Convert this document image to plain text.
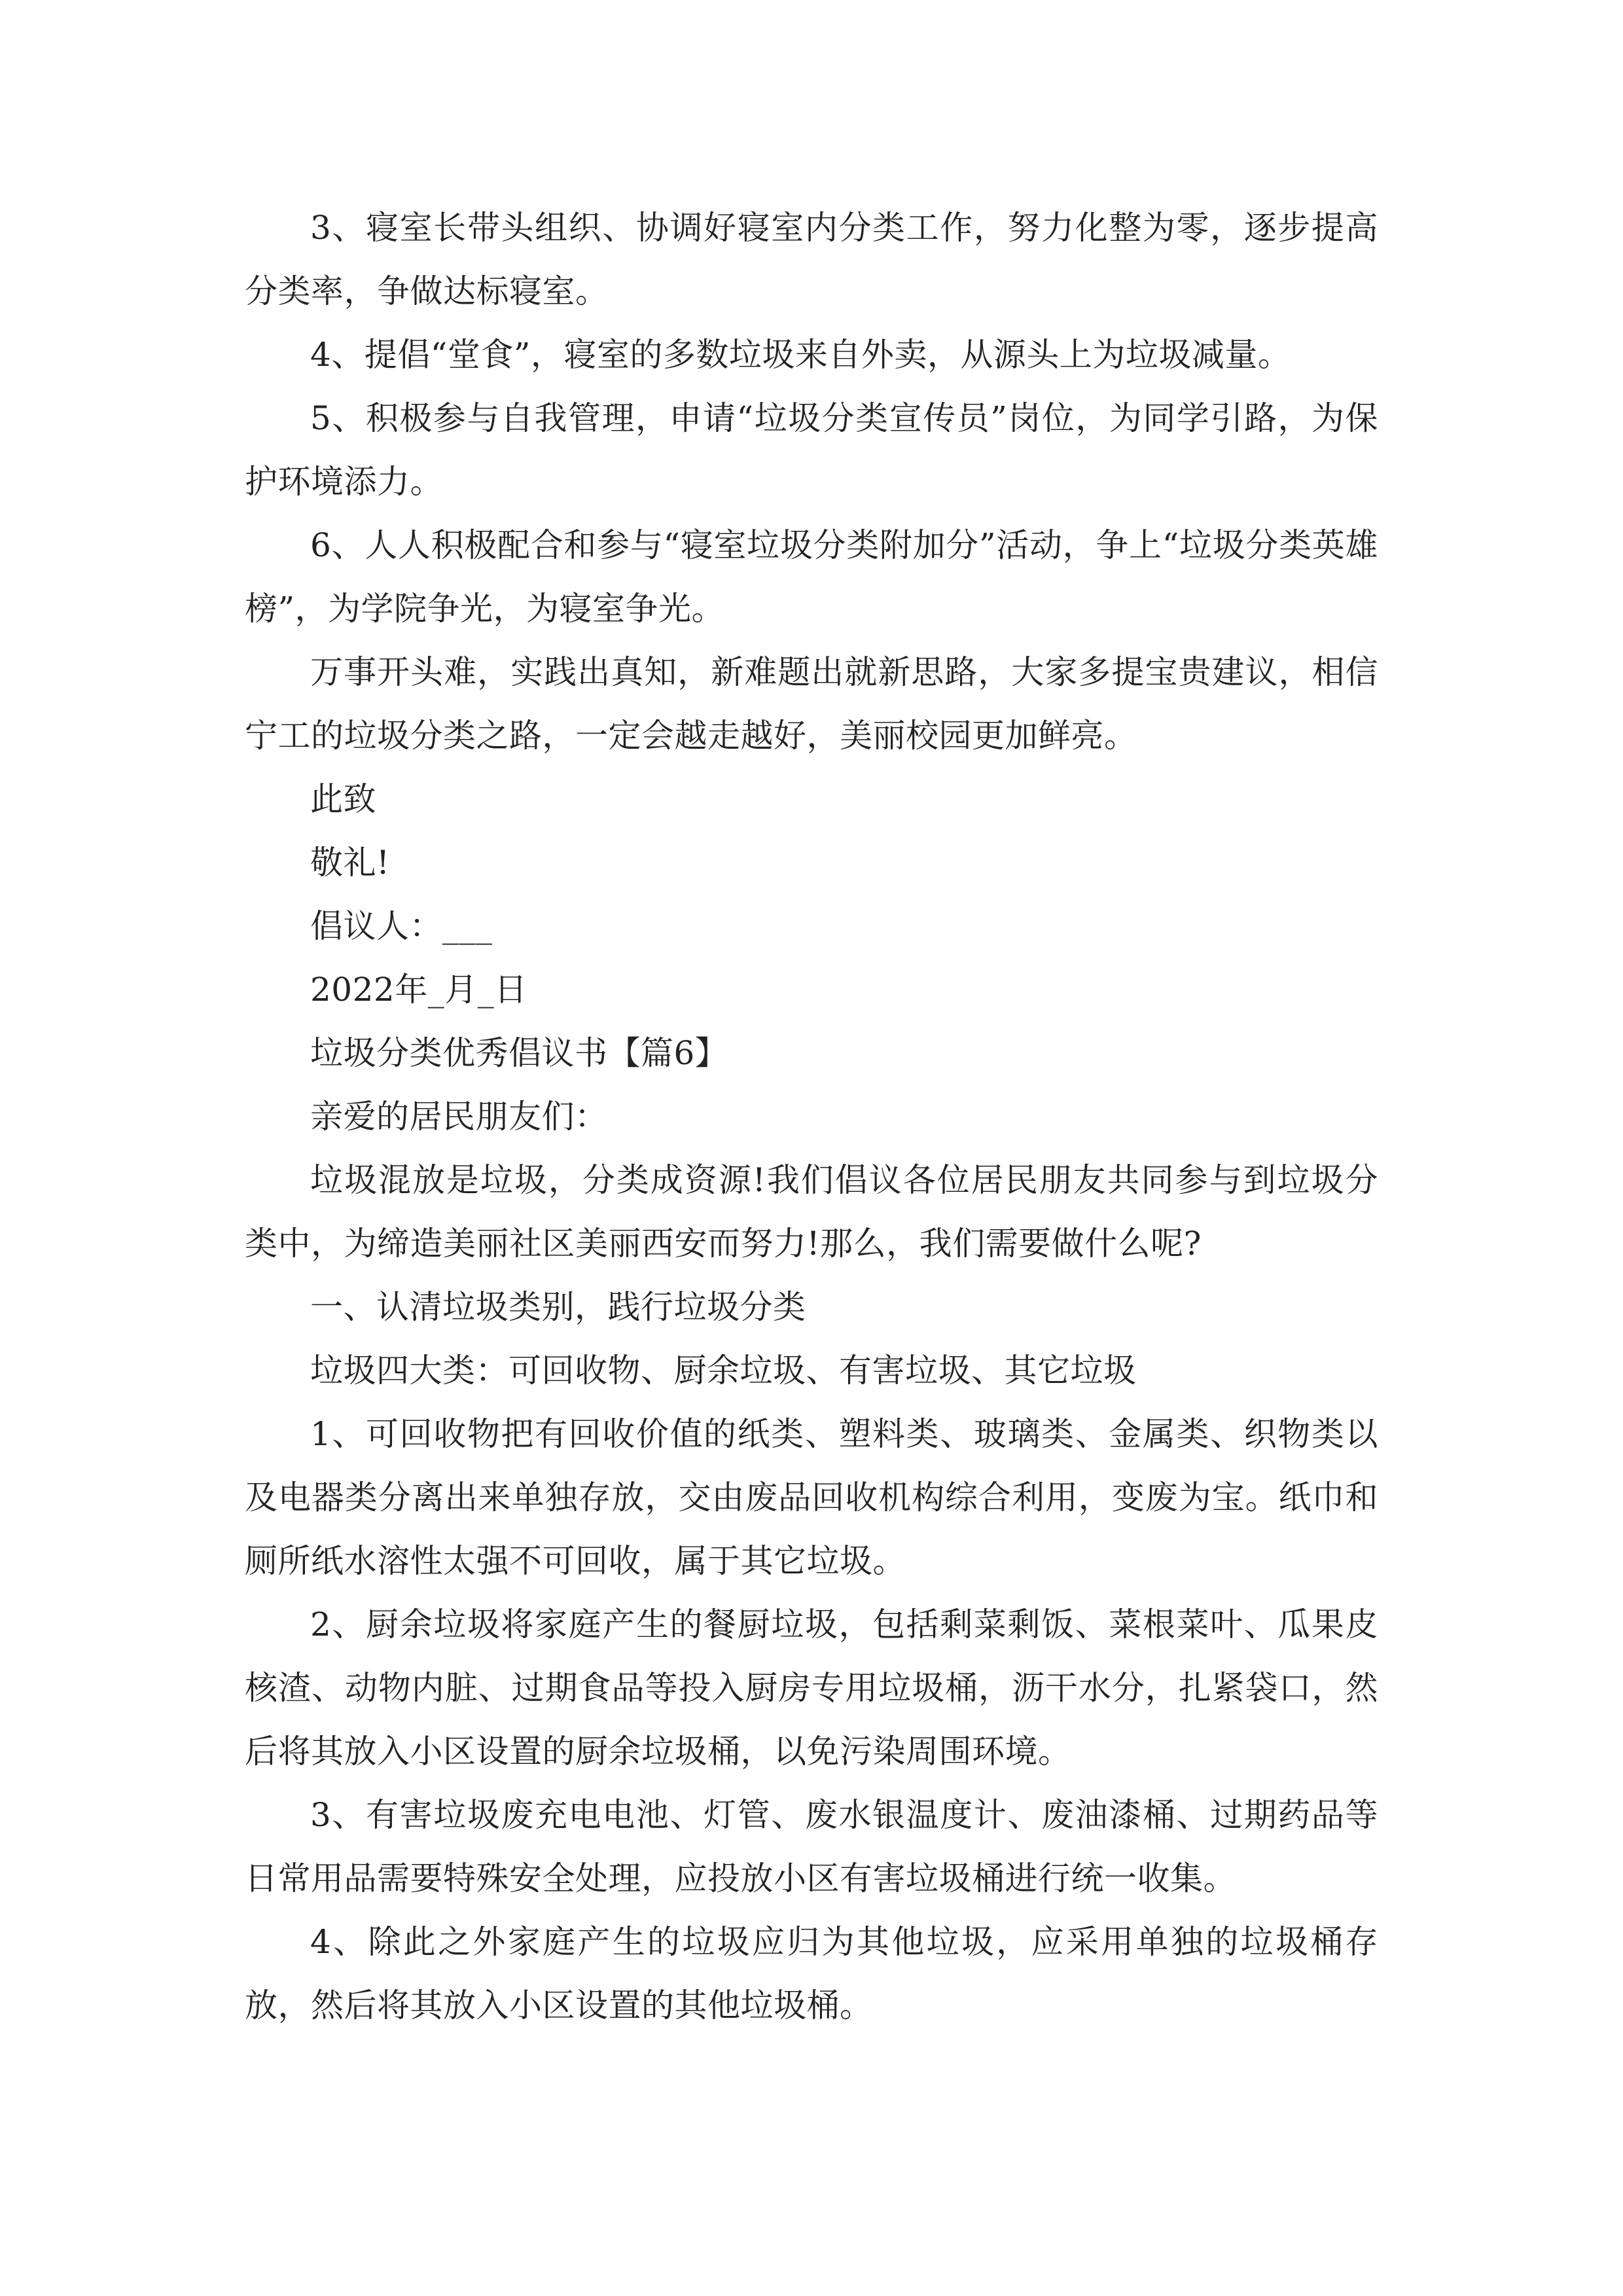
3、寝室长带头组织、协调好寝室内分类工作，努力化整为零，逐步提高分类率，争做达标寝室。

4、提倡“堂食”，寝室的多数垃圾来自外卖，从源头上为垃圾减量。

5、积极参与自我管理，申请“垃圾分类宣传员”岗位，为同学引路，为保护环境添力。

6、人人积极配合和参与“寝室垃圾分类附加分”活动，争上“垃圾分类英雄榜”，为学院争光，为寝室争光。

万事开头难，实践出真知，新难题出就新思路，大家多提宝贵建议，相信宁工的垃圾分类之路，一定会越走越好，美丽校园更加鲜亮。

此致

敬礼!

倡议人：___

2022年_月_日

垃圾分类优秀倡议书【篇6】

亲爱的居民朋友们：

垃圾混放是垃圾，分类成资源!我们倡议各位居民朋友共同参与到垃圾分类中，为缔造美丽社区美丽西安而努力!那么，我们需要做什么呢?

一、认清垃圾类别，践行垃圾分类

垃圾四大类：可回收物、厨余垃圾、有害垃圾、其它垃圾

1、可回收物把有回收价值的纸类、塑料类、玻璃类、金属类、织物类以及电器类分离出来单独存放，交由废品回收机构综合利用，变废为宝。纸巾和厕所纸水溶性太强不可回收，属于其它垃圾。

2、厨余垃圾将家庭产生的餐厨垃圾，包括剩菜剩饭、菜根菜叶、瓜果皮核渣、动物内脏、过期食品等投入厨房专用垃圾桶，沥干水分，扎紧袋口，然后将其放入小区设置的厨余垃圾桶，以免污染周围环境。

3、有害垃圾废充电电池、灯管、废水银温度计、废油漆桶、过期药品等日常用品需要特殊安全处理，应投放小区有害垃圾桶进行统一收集。

4、除此之外家庭产生的垃圾应归为其他垃圾，应采用单独的垃圾桶存放，然后将其放入小区设置的其他垃圾桶。
